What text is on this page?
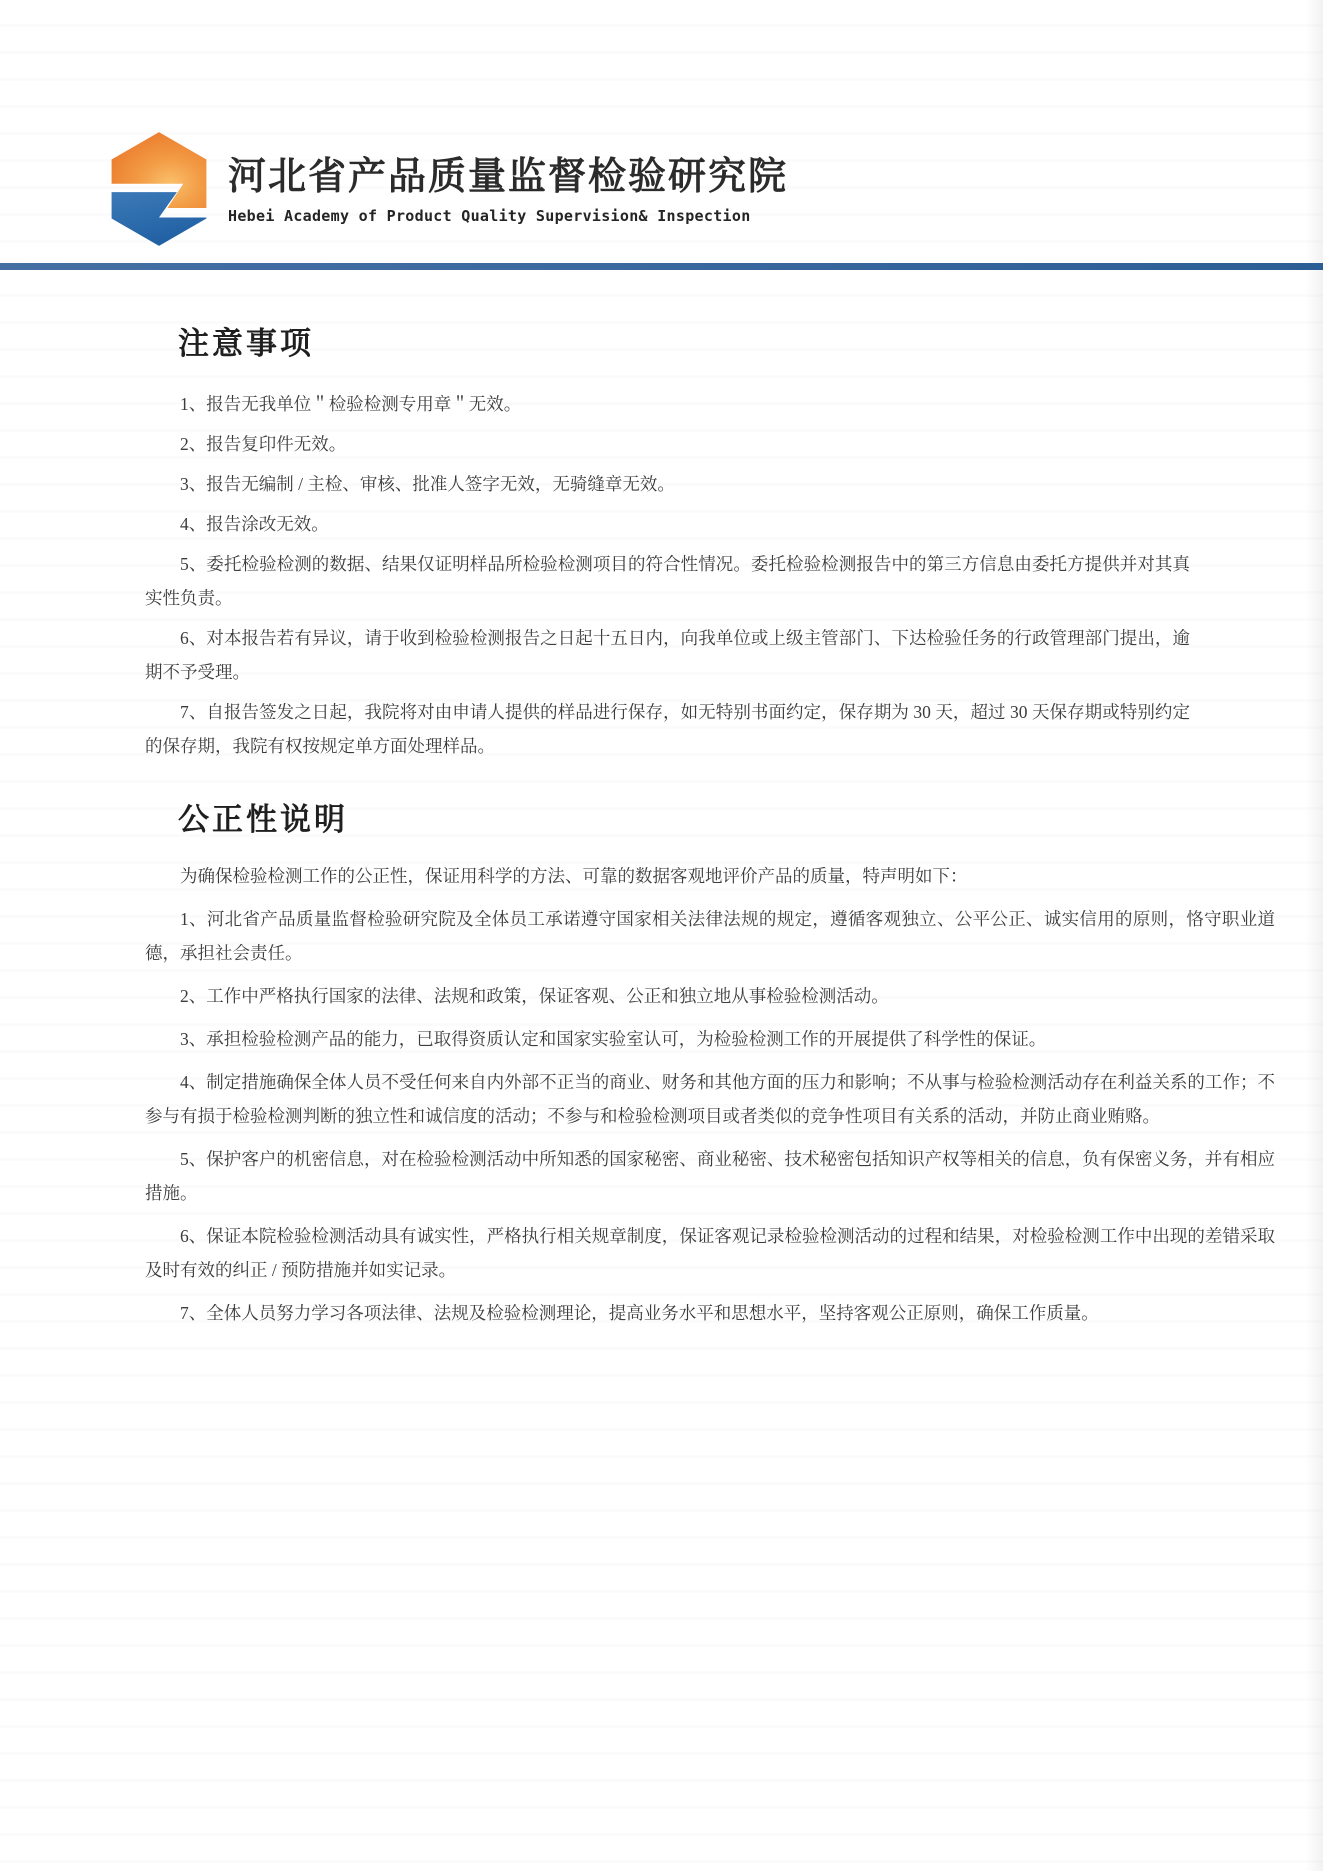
河北省产品质量监督检验研究院
Hebei Academy of Product Quality Supervision& Inspection
注意事项

1、报告无我单位＂检验检测专用章＂无效。

2、报告复印件无效。

3、报告无编制 / 主检、审核、批准人签字无效，无骑缝章无效。

4、报告涂改无效。

5、委托检验检测的数据、结果仅证明样品所检验检测项目的符合性情况。委托检验检测报告中的第三方信息由委托方提供并对其真实性负责。

6、对本报告若有异议，请于收到检验检测报告之日起十五日内，向我单位或上级主管部门、下达检验任务的行政管理部门提出，逾期不予受理。

7、自报告签发之日起，我院将对由申请人提供的样品进行保存，如无特别书面约定，保存期为 30 天，超过 30 天保存期或特别约定的保存期，我院有权按规定单方面处理样品。

公正性说明

为确保检验检测工作的公正性，保证用科学的方法、可靠的数据客观地评价产品的质量，特声明如下：

1、河北省产品质量监督检验研究院及全体员工承诺遵守国家相关法律法规的规定，遵循客观独立、公平公正、诚实信用的原则，恪守职业道德，承担社会责任。

2、工作中严格执行国家的法律、法规和政策，保证客观、公正和独立地从事检验检测活动。

3、承担检验检测产品的能力，已取得资质认定和国家实验室认可，为检验检测工作的开展提供了科学性的保证。

4、制定措施确保全体人员不受任何来自内外部不正当的商业、财务和其他方面的压力和影响；不从事与检验检测活动存在利益关系的工作；不参与有损于检验检测判断的独立性和诚信度的活动；不参与和检验检测项目或者类似的竞争性项目有关系的活动，并防止商业贿赂。

5、保护客户的机密信息，对在检验检测活动中所知悉的国家秘密、商业秘密、技术秘密包括知识产权等相关的信息，负有保密义务，并有相应措施。

6、保证本院检验检测活动具有诚实性，严格执行相关规章制度，保证客观记录检验检测活动的过程和结果，对检验检测工作中出现的差错采取及时有效的纠正 / 预防措施并如实记录。

7、全体人员努力学习各项法律、法规及检验检测理论，提高业务水平和思想水平，坚持客观公正原则，确保工作质量。
